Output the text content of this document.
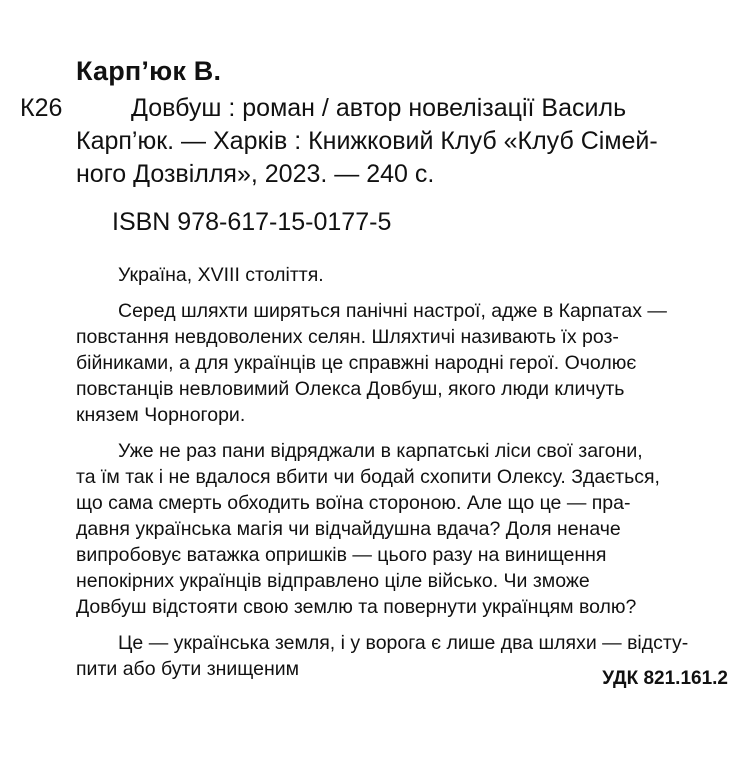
Карп’юк В.
К26	Довбуш : роман / автор новелізації Василь
Карп’юк. — Харків : Книжковий Клуб «Клуб Сімей-
ного Дозвілля», 2023. — 240 с.
ISBN 978-617-15-0177-5
Україна, XVIII століття.
Серед шляхти ширяться панічні настрої, адже в Карпатах —
повстання невдоволених селян. Шляхтичі називають їх роз-
бійниками, а для українців це справжні народні герої. Очолює
повстанців невловимий Олекса Довбуш, якого люди кличуть
князем Чорногори.
Уже не раз пани відряджали в карпатські ліси свої загони,
та їм так і не вдалося вбити чи бодай схопити Олексу. Здається,
що сама смерть обходить воїна стороною. Але що це — пра-
давня українська магія чи відчайдушна вдача? Доля неначе
випробовує ватажка опришків — цього разу на винищення
непокірних українців відправлено ціле військо. Чи зможе
Довбуш відстояти свою землю та повернути українцям волю?
Це — українська земля, і у ворога є лише два шляхи — відсту-
пити або бути знищеним	УДК 821.161.2
